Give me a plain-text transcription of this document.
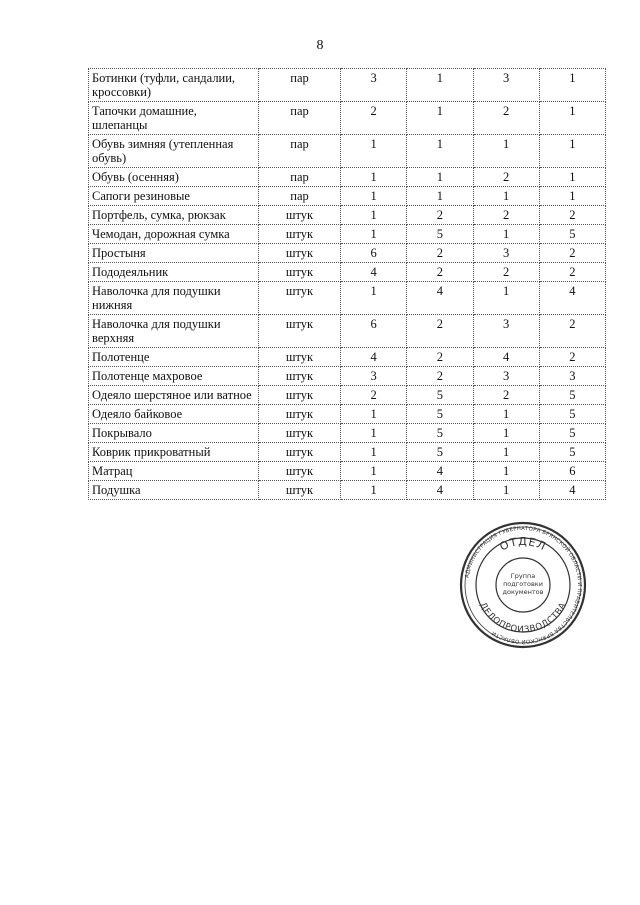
8
Ботинки (туфли, сандалии, кроссовки)	пар	3	1	3	1
Тапочки домашние, шлепанцы	пар	2	1	2	1
Обувь зимняя (утепленная обувь)	пар	1	1	1	1
Обувь (осенняя)	пар	1	1	2	1
Сапоги резиновые	пар	1	1	1	1
Портфель, сумка, рюкзак	штук	1	2	2	2
Чемодан, дорожная сумка	штук	1	5	1	5
Простыня	штук	6	2	3	2
Пододеяльник	штук	4	2	2	2
Наволочка для подушки нижняя	штук	1	4	1	4
Наволочка для подушки верхняя	штук	6	2	3	2
Полотенце	штук	4	2	4	2
Полотенце махровое	штук	3	2	3	3
Одеяло шерстяное или ватное	штук	2	5	2	5
Одеяло байковое	штук	1	5	1	5
Покрывало	штук	1	5	1	5
Коврик прикроватный	штук	1	5	1	5
Матрац	штук	1	4	1	6
Подушка	штук	1	4	1	4
АДМИНИСТРАЦИЯ ГУБЕРНАТОРА БРЯНСКОЙ ОБЛАСТИ И ПРАВИТЕЛЬСТВА БРЯНСКОЙ ОБЛАСТИ
ОТДЕЛ
ДЕЛОПРОИЗВОДСТВА
Группа
подготовки
документов
